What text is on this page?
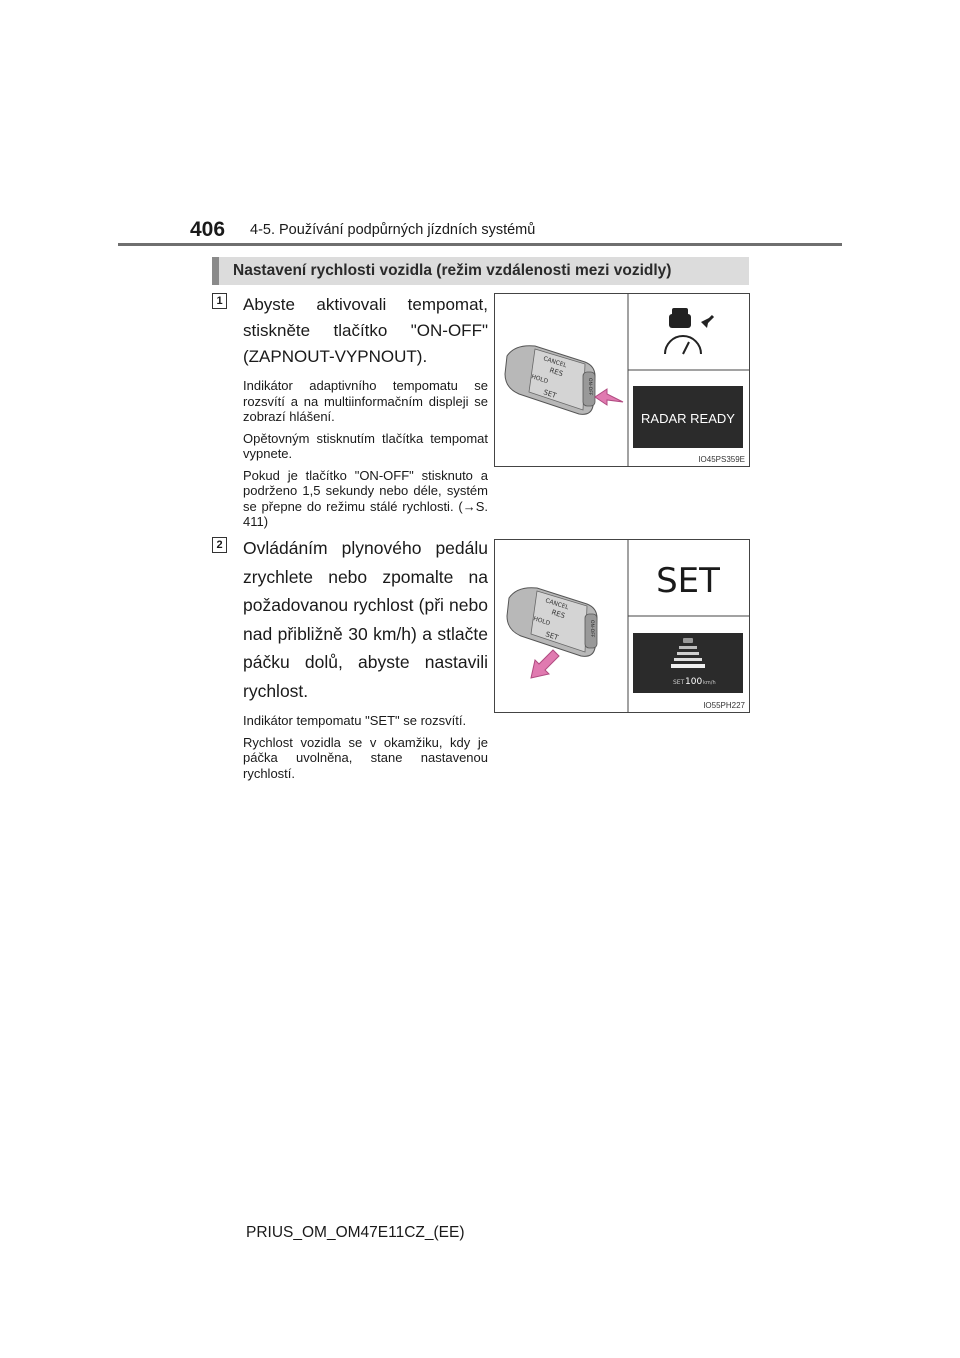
406 4-5. Používání podpůrných jízdních systémů
Nastavení rychlosti vozidla (režim vzdálenosti mezi vozidly)
1 Abyste aktivovali tempomat, stiskněte tlačítko "ON-OFF" (ZAPNOUT-VYPNOUT).

Indikátor adaptivního tempomatu se rozsvítí a na multiinformačním displeji se zobrazí hlášení.

Opětovným stisknutím tlačítka tempomat vypnete.

Pokud je tlačítko "ON-OFF" stisknuto a podrženo 1,5 sekundy nebo déle, systém se přepne do režimu stálé rychlosti. (→S. 411)

CANCEL
RES
HOLD
SET	ON-OFF
RADAR READY
IO45PS359E
2 Ovládáním plynového pedálu zrychlete nebo zpomalte na požadovanou rychlost (při nebo nad přibližně 30 km/h) a stlačte páčku dolů, abyste nastavili rychlost.

Indikátor tempomatu "SET" se rozsvítí.

Rychlost vozidla se v okamžiku, kdy je páčka uvolněna, stane nastavenou rychlostí.

CANCEL
RES
HOLD
SET	ON-OFF
SET
SET 100 km/h
IO55PH227
PRIUS_OM_OM47E11CZ_(EE)
